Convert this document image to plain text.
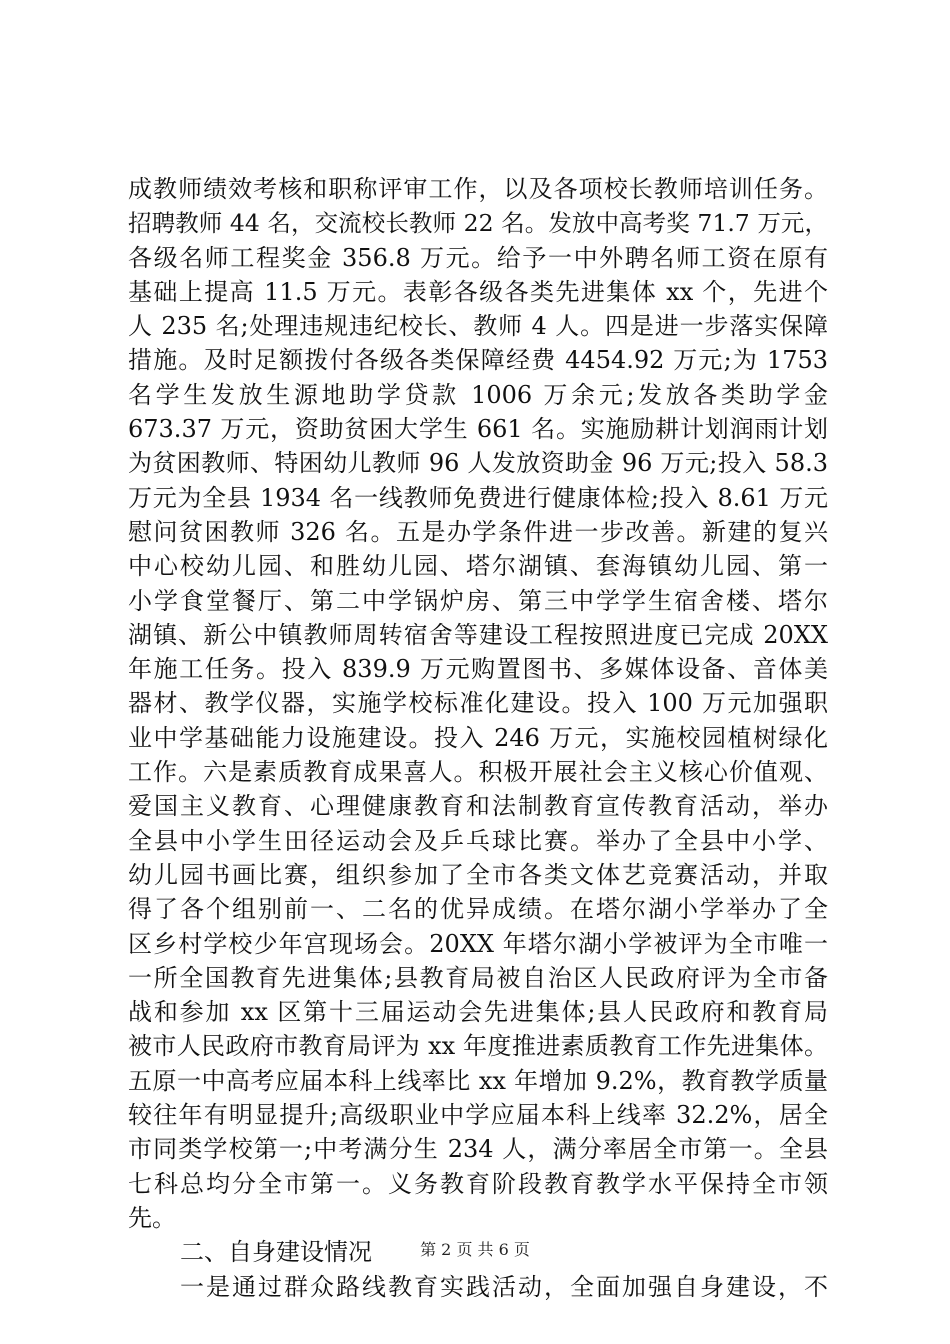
成教师绩效考核和职称评审工作，以及各项校长教师培训任务。
招聘教师 44 名，交流校长教师 22 名。发放中高考奖 71.7 万元，
各级名师工程奖金 356.8 万元。给予一中外聘名师工资在原有
基础上提高 11.5 万元。表彰各级各类先进集体 xx 个，先进个
人 235 名;处理违规违纪校长、教师 4 人。四是进一步落实保障
措施。及时足额拨付各级各类保障经费 4454.92 万元;为 1753
名学生发放生源地助学贷款 1006 万余元;发放各类助学金
673.37 万元，资助贫困大学生 661 名。实施励耕计划润雨计划
为贫困教师、特困幼儿教师 96 人发放资助金 96 万元;投入 58.3
万元为全县 1934 名一线教师免费进行健康体检;投入 8.61 万元
慰问贫困教师 326 名。五是办学条件进一步改善。新建的复兴
中心校幼儿园、和胜幼儿园、塔尔湖镇、套海镇幼儿园、第一
小学食堂餐厅、第二中学锅炉房、第三中学学生宿舍楼、塔尔
湖镇、新公中镇教师周转宿舍等建设工程按照进度已完成 20XX
年施工任务。投入 839.9 万元购置图书、多媒体设备、音体美
器材、教学仪器，实施学校标准化建设。投入 100 万元加强职
业中学基础能力设施建设。投入 246 万元，实施校园植树绿化
工作。六是素质教育成果喜人。积极开展社会主义核心价值观、
爱国主义教育、心理健康教育和法制教育宣传教育活动，举办
全县中小学生田径运动会及乒乓球比赛。举办了全县中小学、
幼儿园书画比赛，组织参加了全市各类文体艺竞赛活动，并取
得了各个组别前一、二名的优异成绩。在塔尔湖小学举办了全
区乡村学校少年宫现场会。20XX 年塔尔湖小学被评为全市唯一
一所全国教育先进集体;县教育局被自治区人民政府评为全市备
战和参加 xx 区第十三届运动会先进集体;县人民政府和教育局
被市人民政府市教育局评为 xx 年度推进素质教育工作先进集体。
五原一中高考应届本科上线率比 xx 年增加 9.2%，教育教学质量
较往年有明显提升;高级职业中学应届本科上线率 32.2%，居全
市同类学校第一;中考满分生 234 人，满分率居全市第一。全县
七科总均分全市第一。义务教育阶段教育教学水平保持全市领
先。
二、自身建设情况
一是通过群众路线教育实践活动，全面加强自身建设，不
第 2 页 共 6 页
